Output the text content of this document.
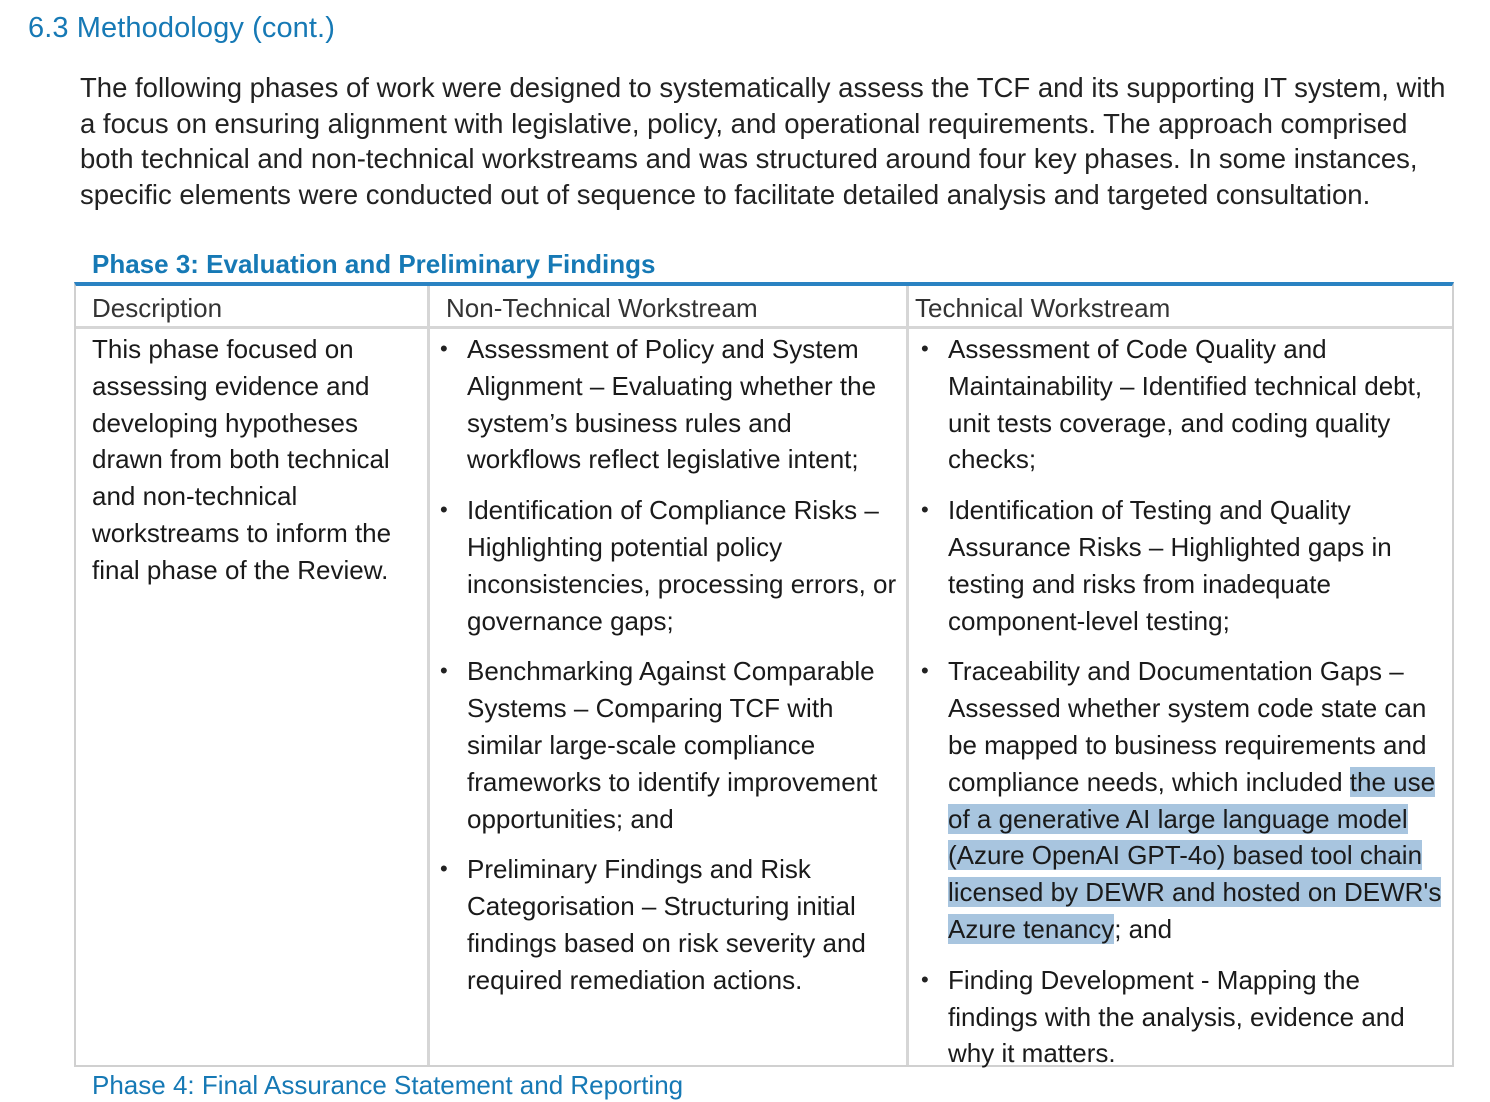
6.3 Methodology (cont.)

The following phases of work were designed to systematically assess the TCF and its supporting IT system, with a focus on ensuring alignment with legislative, policy, and operational requirements. The approach comprised both technical and non-technical workstreams and was structured around four key phases. In some instances, specific elements were conducted out of sequence to facilitate detailed analysis and targeted consultation.

Phase 3: Evaluation and Preliminary Findings

Description	Non-Technical Workstream	Technical Workstream

This phase focused on assessing evidence and developing hypotheses drawn from both technical and non-technical workstreams to inform the final phase of the Review.
• Assessment of Policy and System Alignment – Evaluating whether the system’s business rules and workflows reflect legislative intent;
• Identification of Compliance Risks – Highlighting potential policy inconsistencies, processing errors, or governance gaps;
• Benchmarking Against Comparable Systems – Comparing TCF with similar large-scale compliance frameworks to identify improvement opportunities; and
• Preliminary Findings and Risk Categorisation – Structuring initial findings based on risk severity and required remediation actions.
• Assessment of Code Quality and Maintainability – Identified technical debt, unit tests coverage, and coding quality checks;
• Identification of Testing and Quality Assurance Risks – Highlighted gaps in testing and risks from inadequate component-level testing;
• Traceability and Documentation Gaps – Assessed whether system code state can be mapped to business requirements and compliance needs, which included the use of a generative AI large language model (Azure OpenAI GPT-4o) based tool chain licensed by DEWR and hosted on DEWR's Azure tenancy; and
• Finding Development - Mapping the findings with the analysis, evidence and why it matters.

Phase 4: Final Assurance Statement and Reporting
